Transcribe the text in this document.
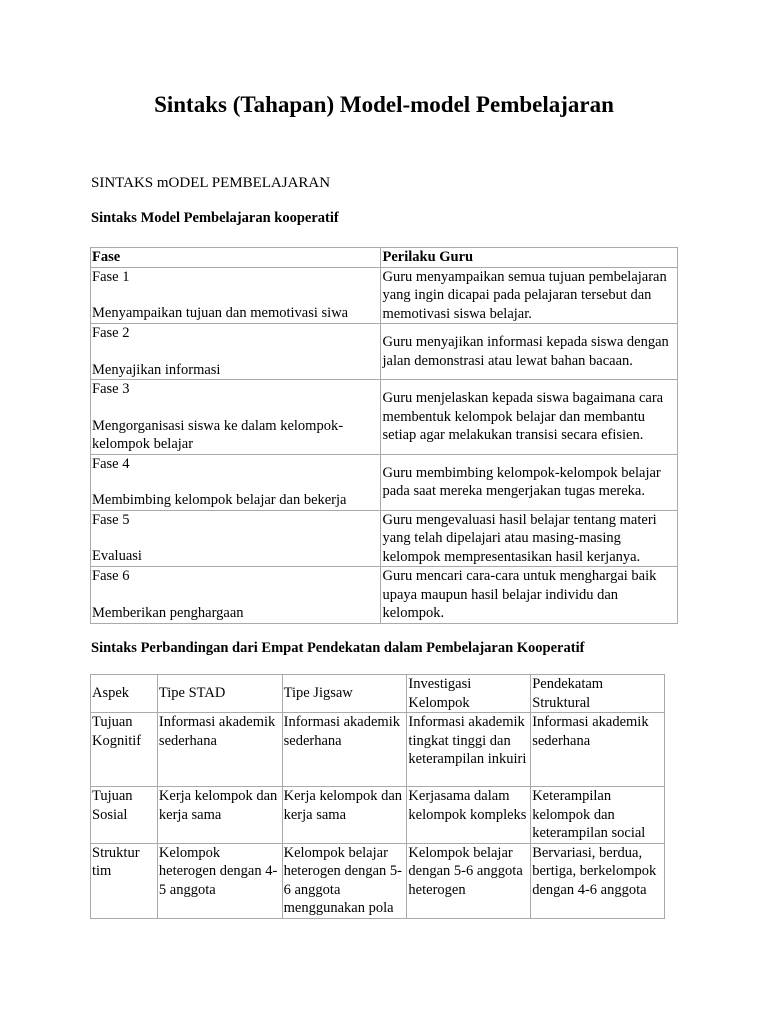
Sintaks (Tahapan) Model-model Pembelajaran

SINTAKS mODEL PEMBELAJARAN

Sintaks Model Pembelajaran kooperatif

Fase	Perilaku Guru

Fase 1
Menyampaikan tujuan dan memotivasi siwa	Guru menyampaikan semua tujuan pembelajaran yang ingin dicapai pada pelajaran tersebut dan memotivasi siswa belajar.

Fase 2
Menyajikan informasi	Guru menyajikan informasi kepada siswa dengan jalan demonstrasi atau lewat bahan bacaan.

Fase 3
Mengorganisasi siswa ke dalam kelompok-kelompok belajar	Guru menjelaskan kepada siswa bagaimana cara membentuk kelompok belajar dan membantu setiap agar melakukan transisi secara efisien.

Fase 4
Membimbing kelompok belajar dan bekerja	Guru membimbing kelompok-kelompok belajar pada saat mereka mengerjakan tugas mereka.

Fase 5
Evaluasi	Guru mengevaluasi hasil belajar tentang materi yang telah dipelajari atau masing-masing kelompok mempresentasikan hasil kerjanya.

Fase 6
Memberikan penghargaan	Guru mencari cara-cara untuk menghargai baik upaya maupun hasil belajar individu dan kelompok.

Sintaks Perbandingan dari Empat Pendekatan dalam Pembelajaran Kooperatif

Aspek	Tipe STAD	Tipe Jigsaw	Investigasi Kelompok	Pendekatam Struktural
Tujuan Kognitif	Informasi akademik sederhana	Informasi akademik sederhana	Informasi akademik tingkat tinggi dan keterampilan inkuiri	Informasi akademik sederhana
Tujuan Sosial	Kerja kelompok dan kerja sama	Kerja kelompok dan kerja sama	Kerjasama dalam kelompok kompleks	Keterampilan kelompok dan keterampilan social
Struktur tim	Kelompok heterogen dengan 4-5 anggota	Kelompok belajar heterogen dengan 5-6 anggota menggunakan pola	Kelompok belajar dengan 5-6 anggota heterogen	Bervariasi, berdua, bertiga, berkelompok dengan 4-6 anggota
